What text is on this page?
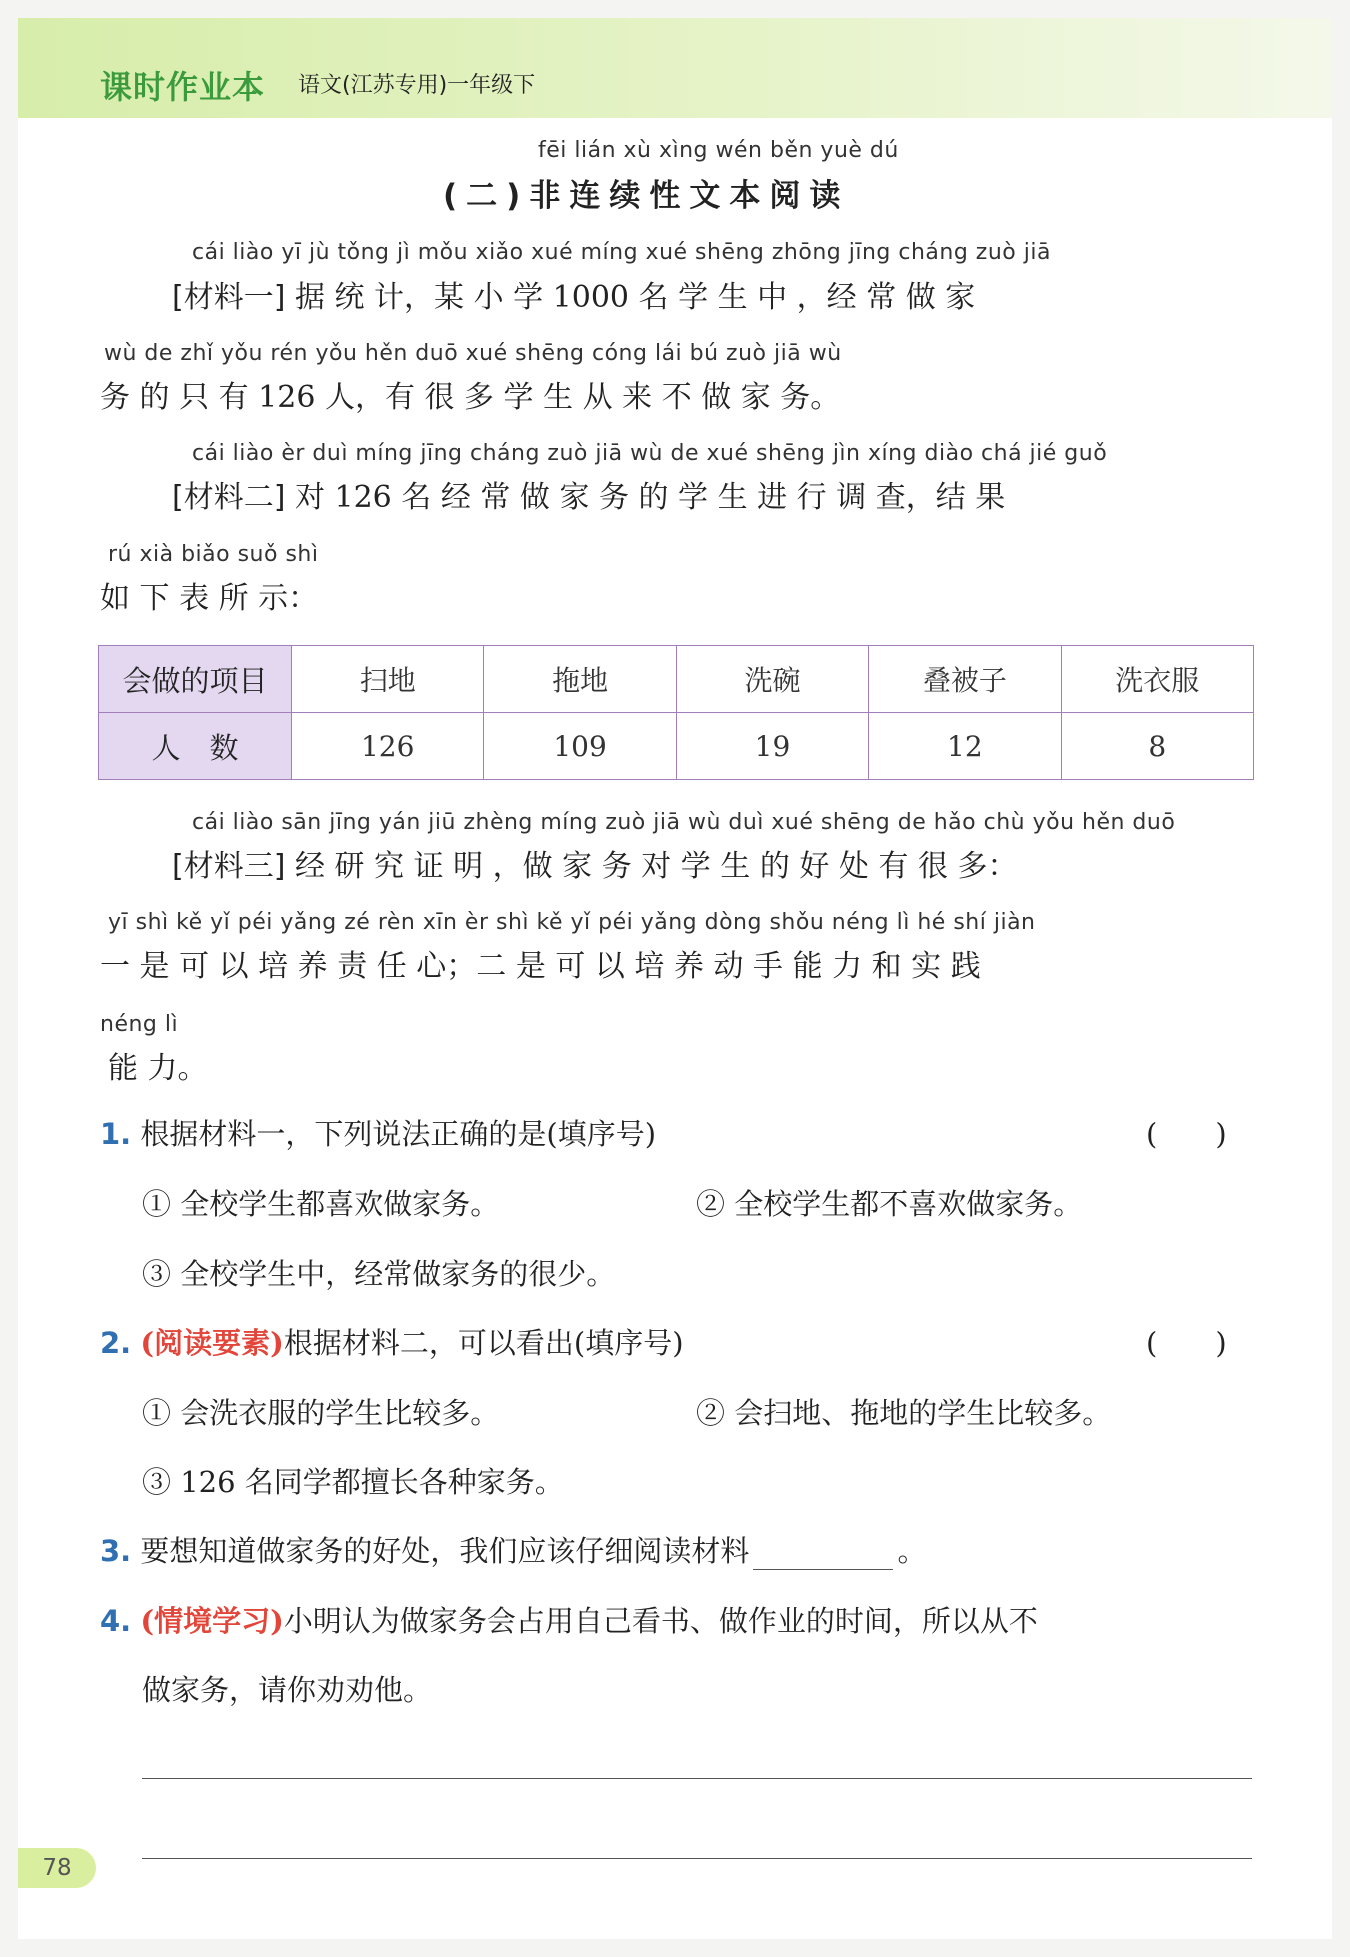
课时作业本 语文(江苏专用)一年级下
fēi lián xù xìng wén běn yuè dú
(二)非连续性文本阅读
cái liào yī jù tǒng jì mǒu xiǎo xué míng xué shēng zhōng jīng cháng zuò jiā
[材料一] 据 统 计，某 小 学 1000 名 学 生 中 ，经 常 做 家
wù de zhǐ yǒu rén yǒu hěn duō xué shēng cóng lái bú zuò jiā wù
务 的 只 有 126 人，有 很 多 学 生 从 来 不 做 家 务。
cái liào èr duì míng jīng cháng zuò jiā wù de xué shēng jìn xíng diào chá jié guǒ
[材料二] 对 126 名 经 常 做 家 务 的 学 生 进 行 调 查，结 果
rú xià biǎo suǒ shì
如 下 表 所 示：
会做的项目	扫地	拖地	洗碗	叠被子	洗衣服
人　数	126	109	19	12	8
cái liào sān jīng yán jiū zhèng míng zuò jiā wù duì xué shēng de hǎo chù yǒu hěn duō
[材料三] 经 研 究 证 明 ，做 家 务 对 学 生 的 好 处 有 很 多：
yī shì kě yǐ péi yǎng zé rèn xīn èr shì kě yǐ péi yǎng dòng shǒu néng lì hé shí jiàn
一 是 可 以 培 养 责 任 心；二 是 可 以 培 养 动 手 能 力 和 实 践
néng lì
能 力。
1. 根据材料一，下列说法正确的是(填序号)	(　　)
① 全校学生都喜欢做家务。	② 全校学生都不喜欢做家务。
③ 全校学生中，经常做家务的很少。
2. (阅读要素)根据材料二，可以看出(填序号)	(　　)
① 会洗衣服的学生比较多。	② 会扫地、拖地的学生比较多。
③ 126 名同学都擅长各种家务。
3. 要想知道做家务的好处，我们应该仔细阅读材料	。
4. (情境学习)小明认为做家务会占用自己看书、做作业的时间，所以从不
做家务，请你劝劝他。
78
